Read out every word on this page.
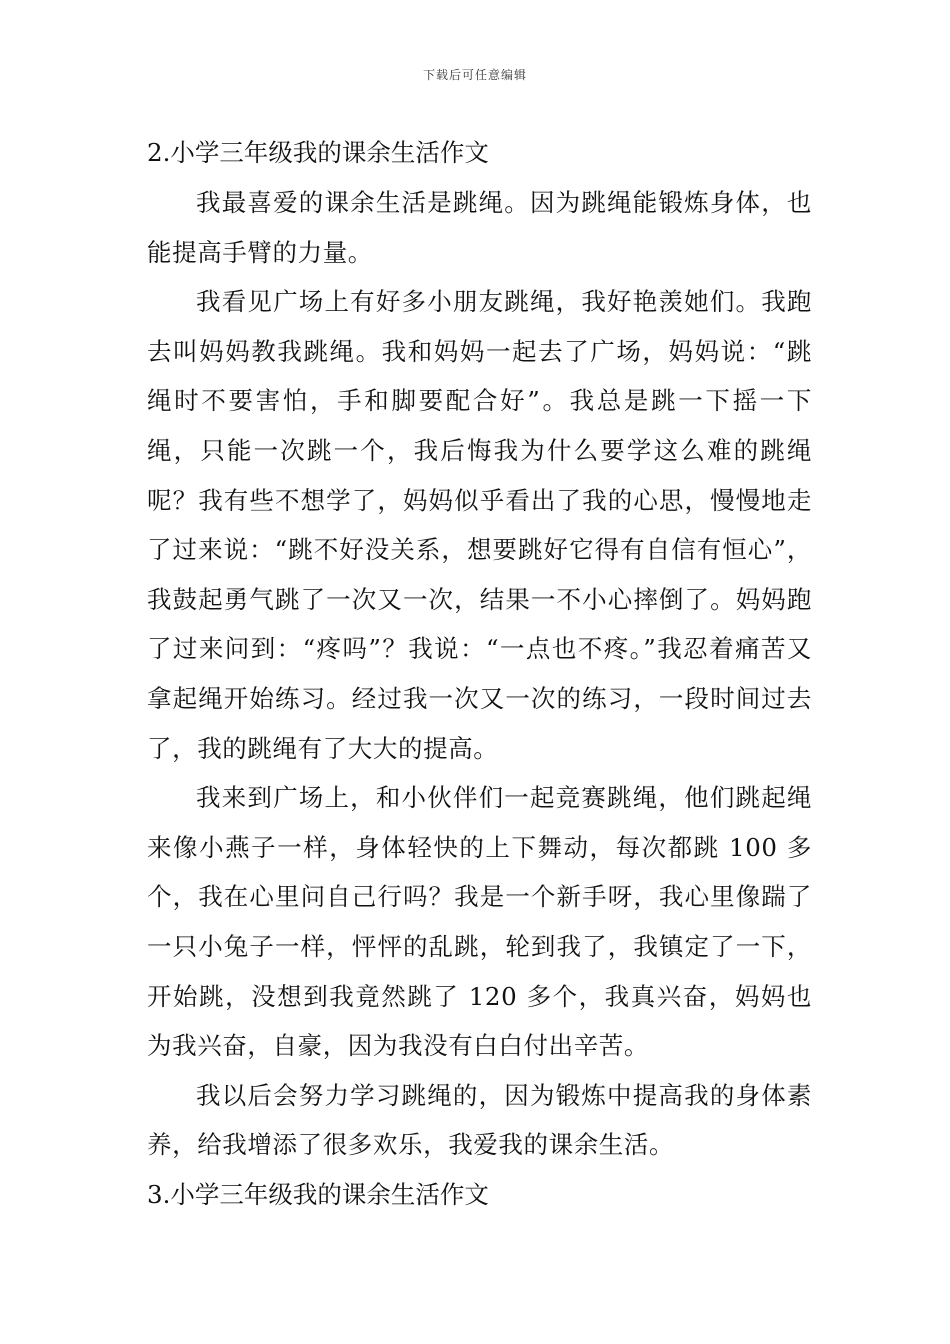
下载后可任意编辑

2.小学三年级我的课余生活作文

我最喜爱的课余生活是跳绳。因为跳绳能锻炼身体，也能提高手臂的力量。

我看见广场上有好多小朋友跳绳，我好艳羡她们。我跑去叫妈妈教我跳绳。我和妈妈一起去了广场，妈妈说：“跳绳时不要害怕，手和脚要配合好”。我总是跳一下摇一下绳，只能一次跳一个，我后悔我为什么要学这么难的跳绳呢？我有些不想学了，妈妈似乎看出了我的心思，慢慢地走了过来说：“跳不好没关系，想要跳好它得有自信有恒心”，我鼓起勇气跳了一次又一次，结果一不小心摔倒了。妈妈跑了过来问到：“疼吗”？我说：“一点也不疼。”我忍着痛苦又拿起绳开始练习。经过我一次又一次的练习，一段时间过去了，我的跳绳有了大大的提高。

我来到广场上，和小伙伴们一起竞赛跳绳，他们跳起绳来像小燕子一样，身体轻快的上下舞动，每次都跳 100 多个，我在心里问自己行吗？我是一个新手呀，我心里像踹了一只小兔子一样，怦怦的乱跳，轮到我了，我镇定了一下，开始跳，没想到我竟然跳了 120 多个，我真兴奋，妈妈也为我兴奋，自豪，因为我没有白白付出辛苦。

我以后会努力学习跳绳的，因为锻炼中提高我的身体素养，给我增添了很多欢乐，我爱我的课余生活。

3.小学三年级我的课余生活作文
